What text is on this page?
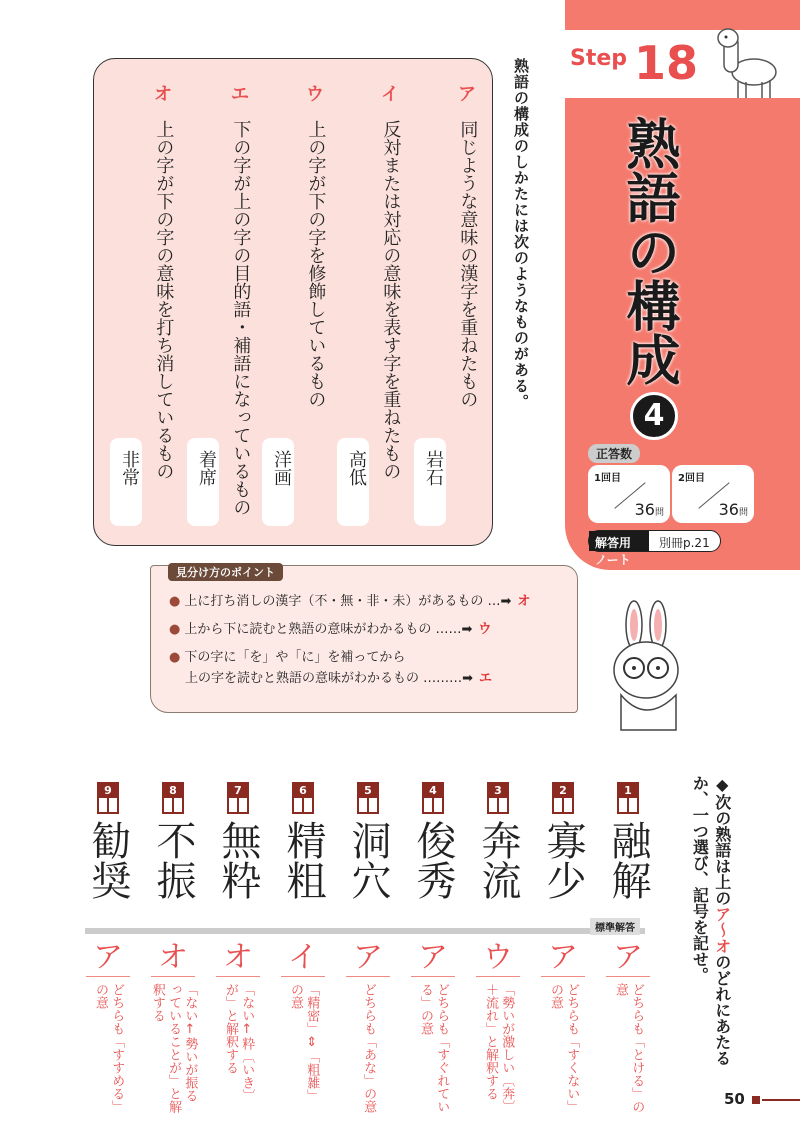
Step 18
熟語の構成
4
正答数
1回目
36問
2回目
36問
解答用ノート
別冊p.21
熟語の構成のしかたには次のようなものがある。
ア
同じような意味の漢字を重ねたもの
岩石
イ
反対または対応の意味を表す字を重ねたもの
高低
ウ
上の字が下の字を修飾しているもの
洋画
エ
下の字が上の字の目的語・補語になっているもの
着席
オ
上の字が下の字の意味を打ち消しているもの
非常
● 上に打ち消しの漢字（不・無・非・未）があるもの …➡ オ
● 上から下に読むと熟語の意味がわかるもの ……➡ ウ
● 下の字に「を」や「に」を補ってから
上の字を読むと熟語の意味がわかるもの ………➡ エ
見分け方のポイント
1
融解
ア
どちらも「とける」の意
2
寡少
ア
どちらも「すくない」の意
3
奔流
ウ
「勢いが激しい〔奔〕＋流れ」と解釈する
4
俊秀
ア
どちらも「すぐれている」の意
5
洞穴
ア
どちらも「あな」の意
6
精粗
イ
「精密」⇕「粗雑」の意
7
無粋
オ
「ない↑粋〔いき〕が」と解釈する
8
不振
オ
「ない↑勢いが振るっていることが」と解釈する
9
勧奨
ア
どちらも「すすめる」の意
標準解答
◆次の熟語は上のア～オのどれにあたるか、一つ選び、記号を記せ。
50
